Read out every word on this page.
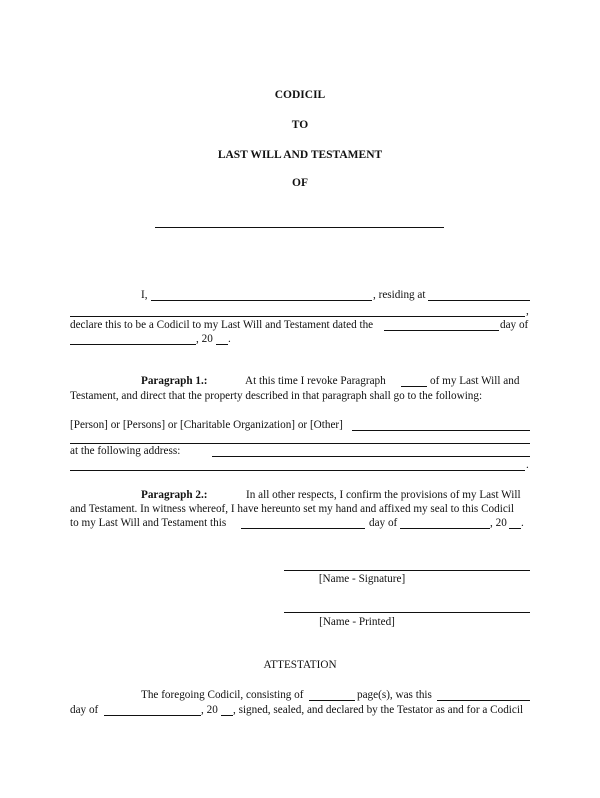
CODICIL
TO
LAST WILL AND TESTAMENT
OF
I,	, residing at
,
declare this to be a Codicil to my Last Will and Testament dated the	day of
, 20 .
Paragraph 1.:	At this time I revoke Paragraph	of my Last Will and
Testament, and direct that the property described in that paragraph shall go to the following:
[Person] or [Persons] or [Charitable Organization] or [Other]
at the following address:
.
Paragraph 2.:	In all other respects, I confirm the provisions of my Last Will
and Testament. In witness whereof, I have hereunto set my hand and affixed my seal to this Codicil
to my Last Will and Testament this	day of	, 20 .
[Name - Signature]
[Name - Printed]
ATTESTATION
The foregoing Codicil, consisting of	page(s), was this
day of	, 20 , signed, sealed, and declared by the Testator as and for a Codicil
